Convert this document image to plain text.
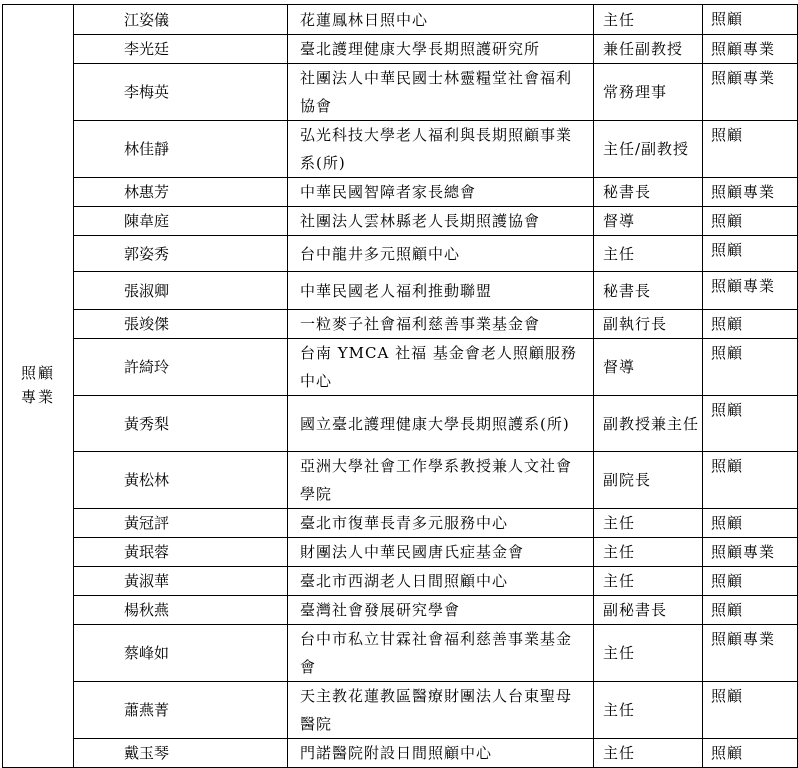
照顧專業	江姿儀	花蓮鳳林日照中心	主任	照顧
	李光廷	臺北護理健康大學長期照護研究所	兼任副教授	照顧專業
	李梅英	社團法人中華民國士林靈糧堂社會福利協會	常務理事	照顧專業
	林佳靜	弘光科技大學老人福利與長期照顧事業系(所)	主任/副教授	照顧
	林惠芳	中華民國智障者家長總會	秘書長	照顧專業
	陳韋庭	社團法人雲林縣老人長期照護協會	督導	照顧
	郭姿秀	台中龍井多元照顧中心	主任	照顧
	張淑卿	中華民國老人福利推動聯盟	秘書長	照顧專業
	張竣傑	一粒麥子社會福利慈善事業基金會	副執行長	照顧
	許綺玲	台南 YMCA 社福 基金會老人照顧服務中心	督導	照顧
	黃秀梨	國立臺北護理健康大學長期照護系(所)	副教授兼主任	照顧
	黃松林	亞洲大學社會工作學系教授兼人文社會學院	副院長	照顧
	黃冠評	臺北市復華長青多元服務中心	主任	照顧
	黃珉蓉	財團法人中華民國唐氏症基金會	主任	照顧專業
	黃淑華	臺北市西湖老人日間照顧中心	主任	照顧
	楊秋燕	臺灣社會發展研究學會	副秘書長	照顧
	蔡峰如	台中市私立甘霖社會福利慈善事業基金會	主任	照顧專業
	蕭燕菁	天主教花蓮教區醫療財團法人台東聖母醫院	主任	照顧
	戴玉琴	門諾醫院附設日間照顧中心	主任	照顧
